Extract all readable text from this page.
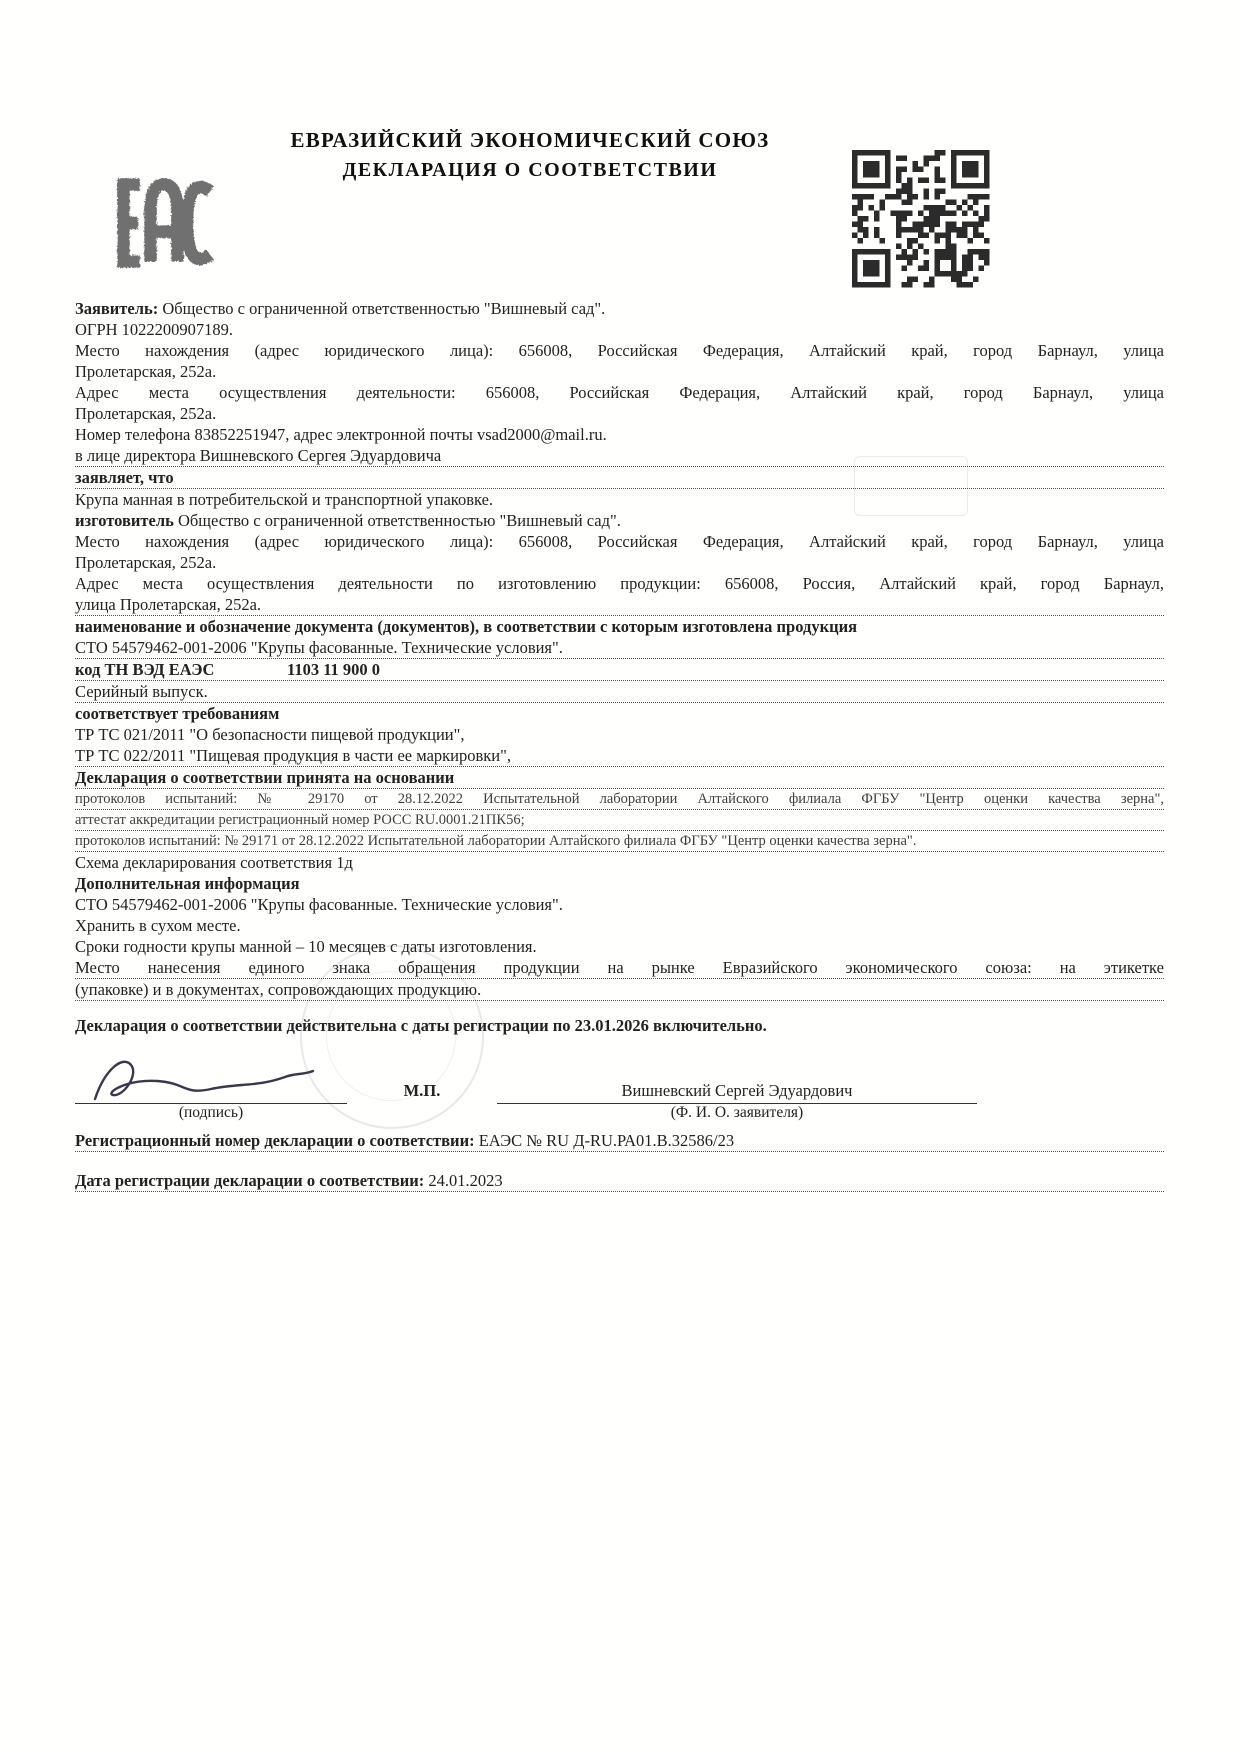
ЕВРАЗИЙСКИЙ ЭКОНОМИЧЕСКИЙ СОЮЗ
ДЕКЛАРАЦИЯ О СООТВЕТСТВИИ

Заявитель: Общество с ограниченной ответственностью "Вишневый сад".

ОГРН 1022200907189.

Место нахождения (адрес юридического лица): 656008, Российская Федерация, Алтайский край, город Барнаул, улица

Пролетарская, 252а.

Адрес места осуществления деятельности: 656008, Российская Федерация, Алтайский край, город Барнаул, улица

Пролетарская, 252а.

Номер телефона 83852251947, адрес электронной почты vsad2000@mail.ru.

в лице директора Вишневского Сергея Эдуардовича

заявляет, что

Крупа манная в потребительской и транспортной упаковке.

изготовитель Общество с ограниченной ответственностью "Вишневый сад".

Место нахождения (адрес юридического лица): 656008, Российская Федерация, Алтайский край, город Барнаул, улица

Пролетарская, 252а.

Адрес места осуществления деятельности по изготовлению продукции: 656008, Россия, Алтайский край, город Барнаул,

улица Пролетарская, 252а.

наименование и обозначение документа (документов), в соответствии с которым изготовлена продукция

СТО 54579462-001-2006 "Крупы фасованные. Технические условия".

код ТН ВЭД ЕАЭС	1103 11 900 0

Серийный выпуск.

соответствует требованиям

ТР ТС 021/2011 "О безопасности пищевой продукции",

ТР ТС 022/2011 "Пищевая продукция в части ее маркировки",

Декларация о соответствии принята на основании

протоколов испытаний: № 29170 от 28.12.2022 Испытательной лаборатории Алтайского филиала ФГБУ "Центр оценки качества зерна",

аттестат аккредитации регистрационный номер РОСС RU.0001.21ПК56;

протоколов испытаний: № 29171 от 28.12.2022 Испытательной лаборатории Алтайского филиала ФГБУ "Центр оценки качества зерна".

Схема декларирования соответствия 1д

Дополнительная информация

СТО 54579462-001-2006 "Крупы фасованные. Технические условия".

Хранить в сухом месте.

Сроки годности крупы манной – 10 месяцев с даты изготовления.

Место нанесения единого знака обращения продукции на рынке Евразийского экономического союза: на этикетке

(упаковке) и в документах, сопровождающих продукцию.

Декларация о соответствии действительна с даты регистрации по 23.01.2026 включительно.

М.П.	Вишневский Сергей Эдуардович
(подпись)	(Ф. И. О. заявителя)

Регистрационный номер декларации о соответствии: ЕАЭС № RU Д-RU.РА01.В.32586/23

Дата регистрации декларации о соответствии: 24.01.2023
